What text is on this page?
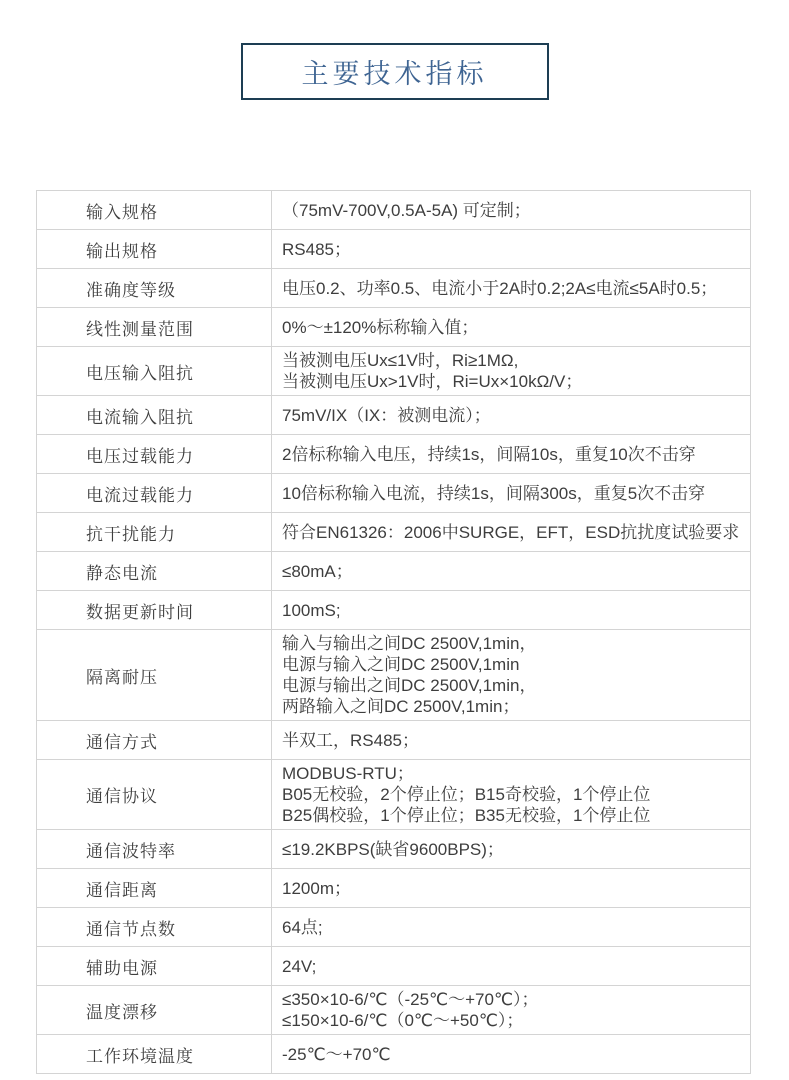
主要技术指标
输入规格	（75mV-700V,0.5A-5A) 可定制；

输出规格	RS485；

准确度等级	电压0.2、功率0.5、电流小于2A时0.2;2A≤电流≤5A时0.5；

线性测量范围	0%～±120%标称输入值；

电压输入阻抗	当被测电压Ux≤1V时，Ri≥1MΩ,
当被测电压Ux>1V时，Ri=Ux×10kΩ/V；

电流输入阻抗	75mV/IX（IX：被测电流）；

电压过载能力	2倍标称输入电压，持续1s，间隔10s，重复10次不击穿

电流过载能力	10倍标称输入电流，持续1s，间隔300s，重复5次不击穿

抗干扰能力	符合EN61326：2006中SURGE，EFT，ESD抗扰度试验要求

静态电流	≤80mA；

数据更新时间	100mS;

隔离耐压	输入与输出之间DC 2500V,1min，
电源与输入之间DC 2500V,1min
电源与输出之间DC 2500V,1min，
两路输入之间DC 2500V,1min；

通信方式	半双工，RS485；

通信协议	MODBUS-RTU；
B05无校验，2个停止位；B15奇校验，1个停止位
B25偶校验，1个停止位；B35无校验，1个停止位

通信波特率	≤19.2KBPS(缺省9600BPS)；

通信距离	1200m；

通信节点数	64点;

辅助电源	24V;

温度漂移	≤350×10-6/℃（-25℃～+70℃）；
≤150×10-6/℃（0℃～+50℃）；

工作环境温度	-25℃～+70℃
